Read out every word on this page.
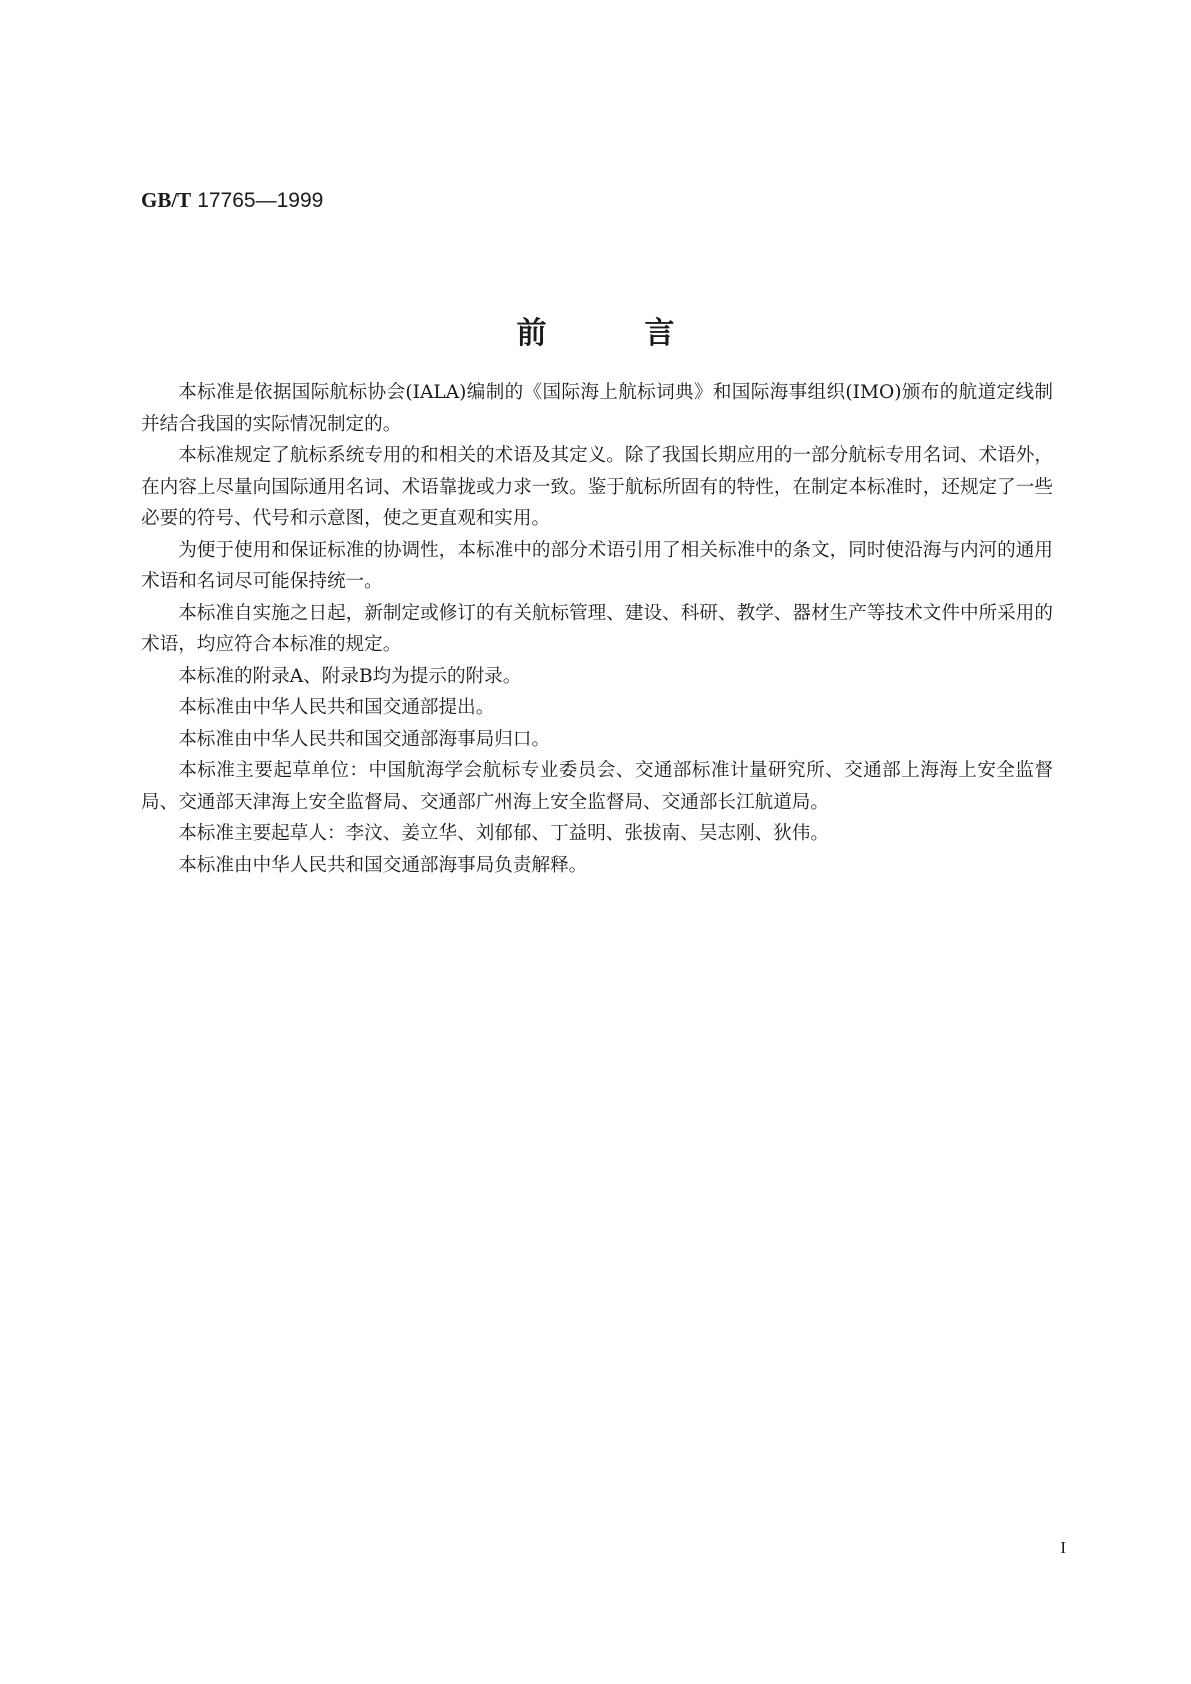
GB/T 17765—1999
前言

本标准是依据国际航标协会(IALA)编制的《国际海上航标词典》和国际海事组织(IMO)颁布的航道定线制并结合我国的实际情况制定的。

本标准规定了航标系统专用的和相关的术语及其定义。除了我国长期应用的一部分航标专用名词、术语外，在内容上尽量向国际通用名词、术语靠拢或力求一致。鉴于航标所固有的特性，在制定本标准时，还规定了一些必要的符号、代号和示意图，使之更直观和实用。

为便于使用和保证标准的协调性，本标准中的部分术语引用了相关标准中的条文，同时使沿海与内河的通用术语和名词尽可能保持统一。

本标准自实施之日起，新制定或修订的有关航标管理、建设、科研、教学、器材生产等技术文件中所采用的术语，均应符合本标准的规定。

本标准的附录A、附录B均为提示的附录。

本标准由中华人民共和国交通部提出。

本标准由中华人民共和国交通部海事局归口。

本标准主要起草单位：中国航海学会航标专业委员会、交通部标准计量研究所、交通部上海海上安全监督局、交通部天津海上安全监督局、交通部广州海上安全监督局、交通部长江航道局。

本标准主要起草人：李汶、姜立华、刘郁郁、丁益明、张拔南、吴志刚、狄伟。

本标准由中华人民共和国交通部海事局负责解释。

I
